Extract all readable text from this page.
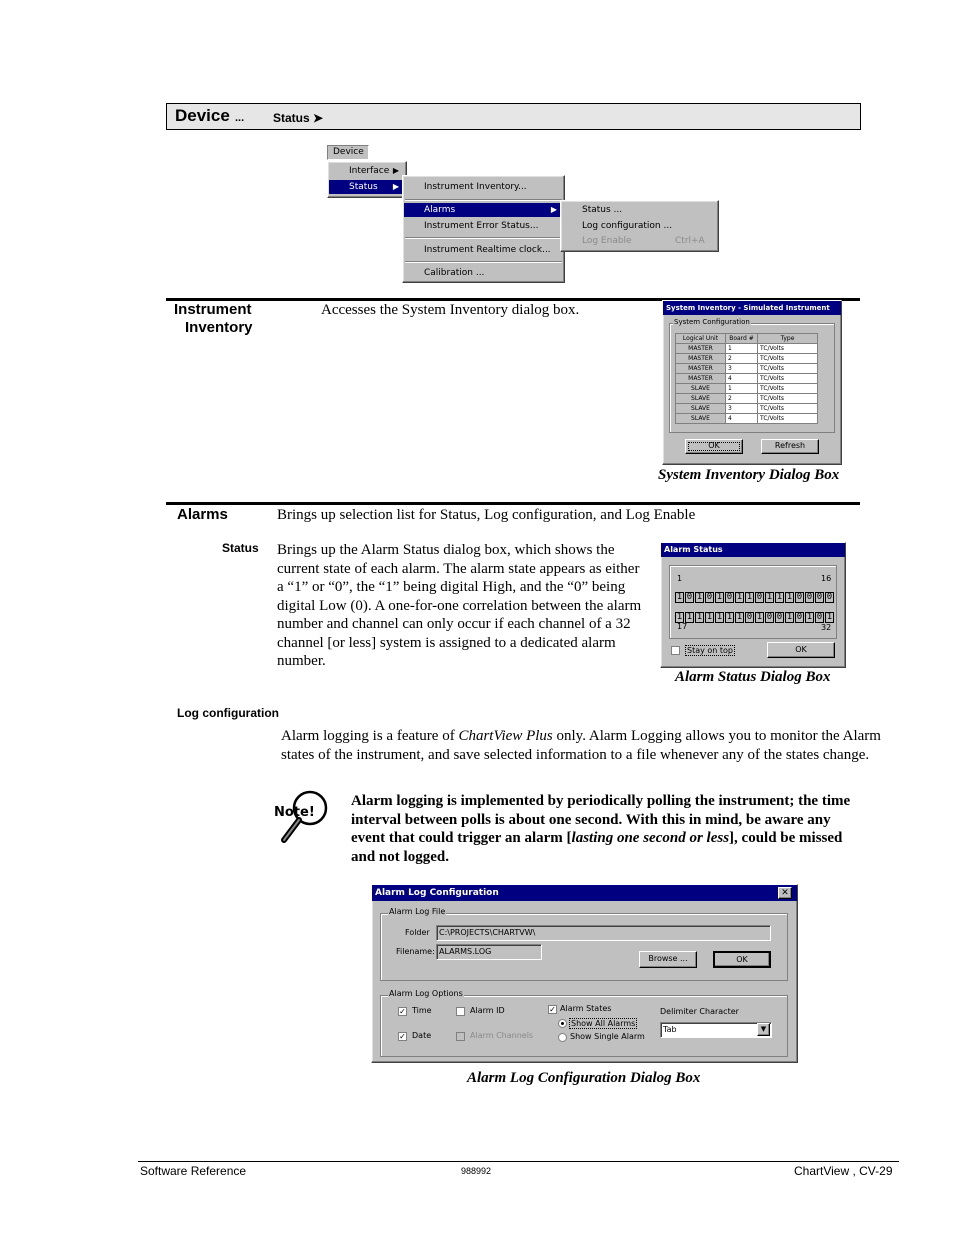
Device ... Status ➤
Device
Interface ▶
Status ▶	Instrument Inventory...
Alarms	▶
Instrument Error Status...
Instrument Realtime clock...
Calibration ...
Status ...
Log configuration ...
Log Enable	Ctrl+A
Instrument
Inventory
Accesses the System Inventory dialog box.	System Inventory - Simulated Instrument
System Configuration
Logical Unit	Board #	Type
MASTER	1	TC/Volts
MASTER	2	TC/Volts
MASTER	3	TC/Volts
MASTER	4	TC/Volts
SLAVE	1	TC/Volts
SLAVE	2	TC/Volts
SLAVE	3	TC/Volts
SLAVE	4	TC/Volts
OK	Refresh
System Inventory Dialog Box
Alarms	Brings up selection list for Status, Log configuration, and Log Enable
Status Brings up the Alarm Status dialog box, which shows the current state of each alarm. The alarm state appears as either a “1” or “0”, the “1” being digital High, and the “0” being digital Low (0). A one-for-one correlation between the alarm number and channel can only occur if each channel of a 32 channel [or less] system is assigned to a dedicated alarm number.
Alarm Status
1	16
1 0 1 0 1 0 1 1 0 1 1 1 0 0 0 0
1 1 1 1 1 1 1 0 1 0 0 1 0 1 0 1
17	32
Stay on top	OK
Alarm Status Dialog Box
Log configuration
Alarm logging is a feature of ChartView Plus only. Alarm Logging allows you to monitor the Alarm states of the instrument, and save selected information to a file whenever any of the states change.
Note!
Alarm logging is implemented by periodically polling the instrument; the time interval between polls is about one second. With this in mind, be aware any event that could trigger an alarm [lasting one second or less], could be missed and not logged.
Alarm Log Configuration	✕
Alarm Log File
Folder	C:\PROJECTS\CHARTVW\
Filename: ALARMS.LOG
Browse ...	OK
Alarm Log Options
✓ Time
✓ Date
Alarm ID
Alarm Channels
✓ Alarm States
Show All Alarms
Show Single Alarm
Delimiter Character
Tab	▼
Alarm Log Configuration Dialog Box
Software Reference	988992	ChartView , CV-29
